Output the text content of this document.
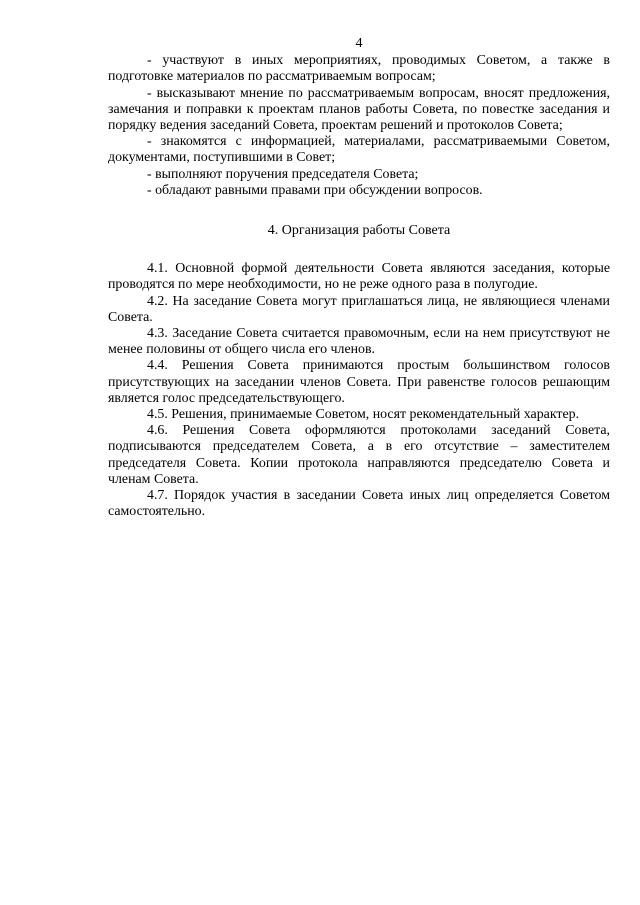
4

- участвуют в иных мероприятиях, проводимых Советом, а также в подготовке материалов по рассматриваемым вопросам;

- высказывают мнение по рассматриваемым вопросам, вносят предложения, замечания и поправки к проектам планов работы Совета, по повестке заседания и порядку ведения заседаний Совета, проектам решений и протоколов Совета;

- знакомятся с информацией, материалами, рассматриваемыми Советом, документами, поступившими в Совет;

- выполняют поручения председателя Совета;

- обладают равными правами при обсуждении вопросов.

4. Организация работы Совета

4.1. Основной формой деятельности Совета являются заседания, которые проводятся по мере необходимости, но не реже одного раза в полугодие.

4.2. На заседание Совета могут приглашаться лица, не являющиеся членами Совета.

4.3. Заседание Совета считается правомочным, если на нем присутствуют не менее половины от общего числа его членов.

4.4. Решения Совета принимаются простым большинством голосов присутствующих на заседании членов Совета. При равенстве голосов решающим является голос председательствующего.

4.5. Решения, принимаемые Советом, носят рекомендательный характер.

4.6. Решения Совета оформляются протоколами заседаний Совета, подписываются председателем Совета, а в его отсутствие – заместителем председателя Совета. Копии протокола направляются председателю Совета и членам Совета.

4.7. Порядок участия в заседании Совета иных лиц определяется Советом самостоятельно.
